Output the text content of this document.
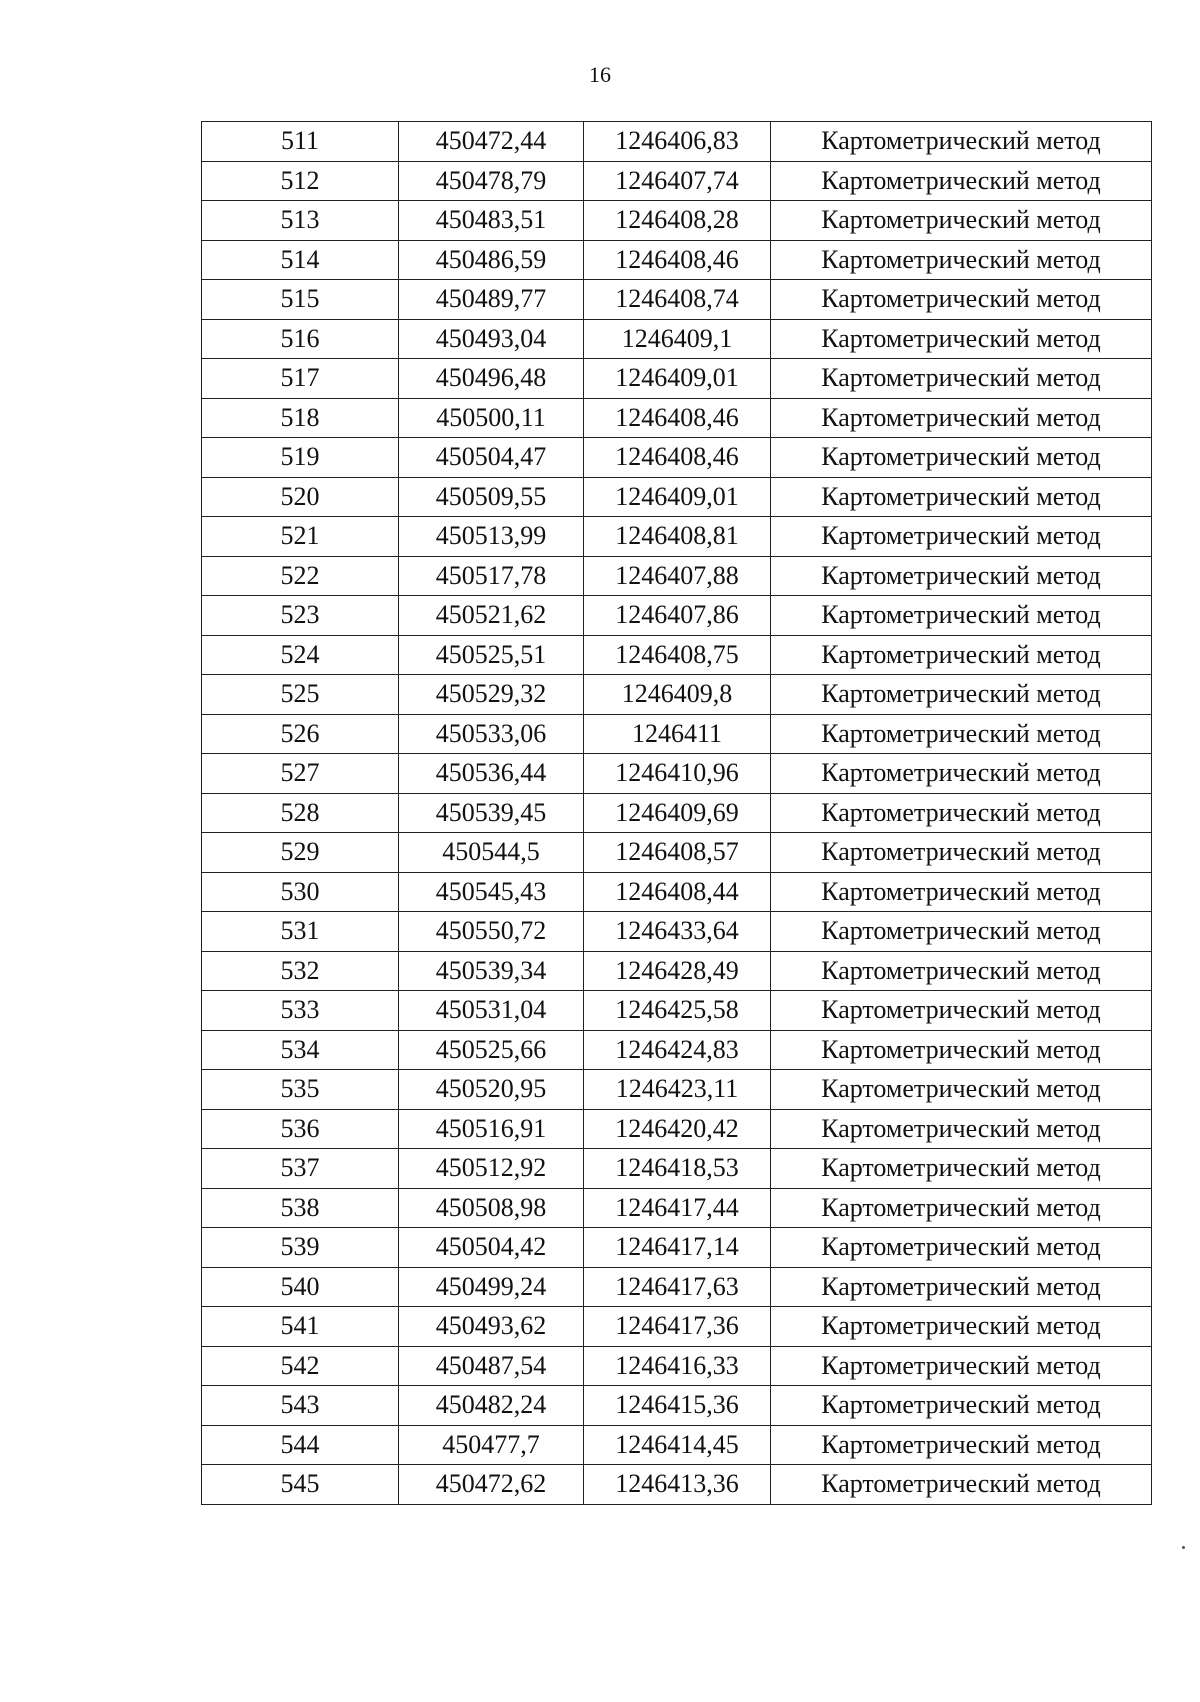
16
511	450472,44	1246406,83	Картометрический метод
512	450478,79	1246407,74	Картометрический метод
513	450483,51	1246408,28	Картометрический метод
514	450486,59	1246408,46	Картометрический метод
515	450489,77	1246408,74	Картометрический метод
516	450493,04	1246409,1	Картометрический метод
517	450496,48	1246409,01	Картометрический метод
518	450500,11	1246408,46	Картометрический метод
519	450504,47	1246408,46	Картометрический метод
520	450509,55	1246409,01	Картометрический метод
521	450513,99	1246408,81	Картометрический метод
522	450517,78	1246407,88	Картометрический метод
523	450521,62	1246407,86	Картометрический метод
524	450525,51	1246408,75	Картометрический метод
525	450529,32	1246409,8	Картометрический метод
526	450533,06	1246411	Картометрический метод
527	450536,44	1246410,96	Картометрический метод
528	450539,45	1246409,69	Картометрический метод
529	450544,5	1246408,57	Картометрический метод
530	450545,43	1246408,44	Картометрический метод
531	450550,72	1246433,64	Картометрический метод
532	450539,34	1246428,49	Картометрический метод
533	450531,04	1246425,58	Картометрический метод
534	450525,66	1246424,83	Картометрический метод
535	450520,95	1246423,11	Картометрический метод
536	450516,91	1246420,42	Картометрический метод
537	450512,92	1246418,53	Картометрический метод
538	450508,98	1246417,44	Картометрический метод
539	450504,42	1246417,14	Картометрический метод
540	450499,24	1246417,63	Картометрический метод
541	450493,62	1246417,36	Картометрический метод
542	450487,54	1246416,33	Картометрический метод
543	450482,24	1246415,36	Картометрический метод
544	450477,7	1246414,45	Картометрический метод
545	450472,62	1246413,36	Картометрический метод
